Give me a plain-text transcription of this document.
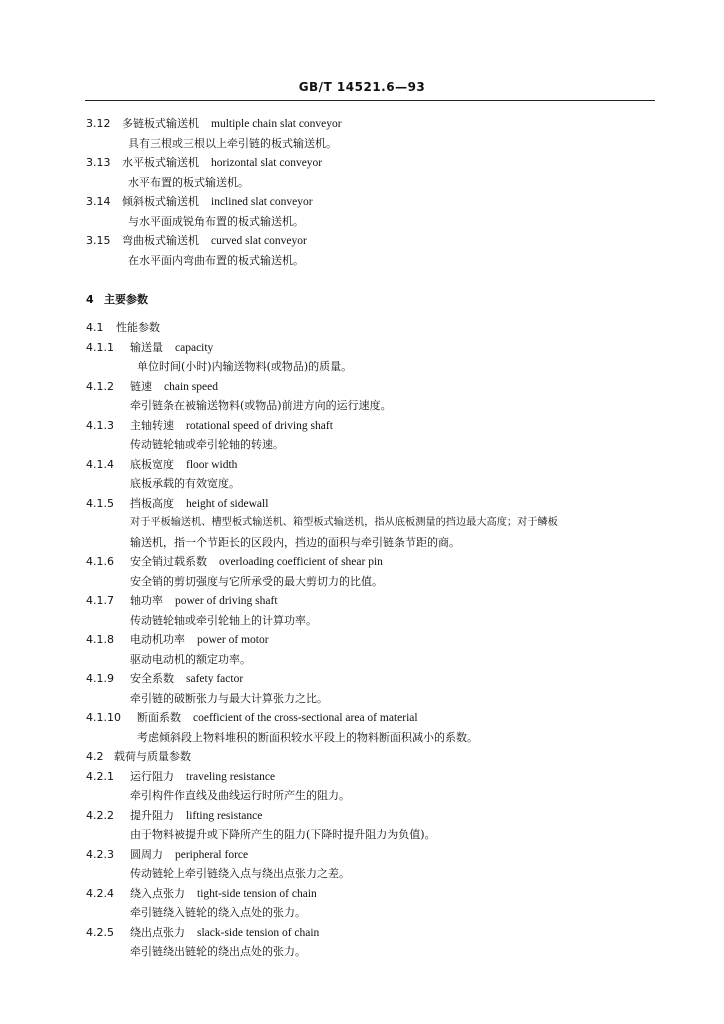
GB/T 14521.6—93
3.12 多链板式输送机 multiple chain slat conveyor
具有三根或三根以上牵引链的板式输送机。
3.13 水平板式输送机 horizontal slat conveyor
水平布置的板式输送机。
3.14 倾斜板式输送机 inclined slat conveyor
与水平面成锐角布置的板式输送机。
3.15 弯曲板式输送机 curved slat conveyor
在水平面内弯曲布置的板式输送机。
4 主要参数
4.1 性能参数
4.1.1 输送量 capacity
单位时间(小时)内输送物料(或物品)的质量。
4.1.2 链速 chain speed
牵引链条在被输送物料(或物品)前进方向的运行速度。
4.1.3 主轴转速 rotational speed of driving shaft
传动链轮轴或牵引轮轴的转速。
4.1.4 底板宽度 floor width
底板承载的有效宽度。
4.1.5 挡板高度 height of sidewall
对于平板输送机、槽型板式输送机、箱型板式输送机，指从底板测量的挡边最大高度；对于鳞板
输送机，指一个节距长的区段内，挡边的面积与牵引链条节距的商。
4.1.6 安全销过载系数 overloading coefficient of shear pin
安全销的剪切强度与它所承受的最大剪切力的比值。
4.1.7 轴功率 power of driving shaft
传动链轮轴或牵引轮轴上的计算功率。
4.1.8 电动机功率 power of motor
驱动电动机的额定功率。
4.1.9 安全系数 safety factor
牵引链的破断张力与最大计算张力之比。
4.1.10 断面系数 coefficient of the cross-sectional area of material
考虑倾斜段上物料堆积的断面积较水平段上的物料断面积减小的系数。
4.2 载荷与质量参数
4.2.1 运行阻力 traveling resistance
牵引构件作直线及曲线运行时所产生的阻力。
4.2.2 提升阻力 lifting resistance
由于物料被提升或下降所产生的阻力(下降时提升阻力为负值)。
4.2.3 圆周力 peripheral force
传动链轮上牵引链绕入点与绕出点张力之差。
4.2.4 绕入点张力 tight-side tension of chain
牵引链绕入链轮的绕入点处的张力。
4.2.5 绕出点张力 slack-side tension of chain
牵引链绕出链轮的绕出点处的张力。
